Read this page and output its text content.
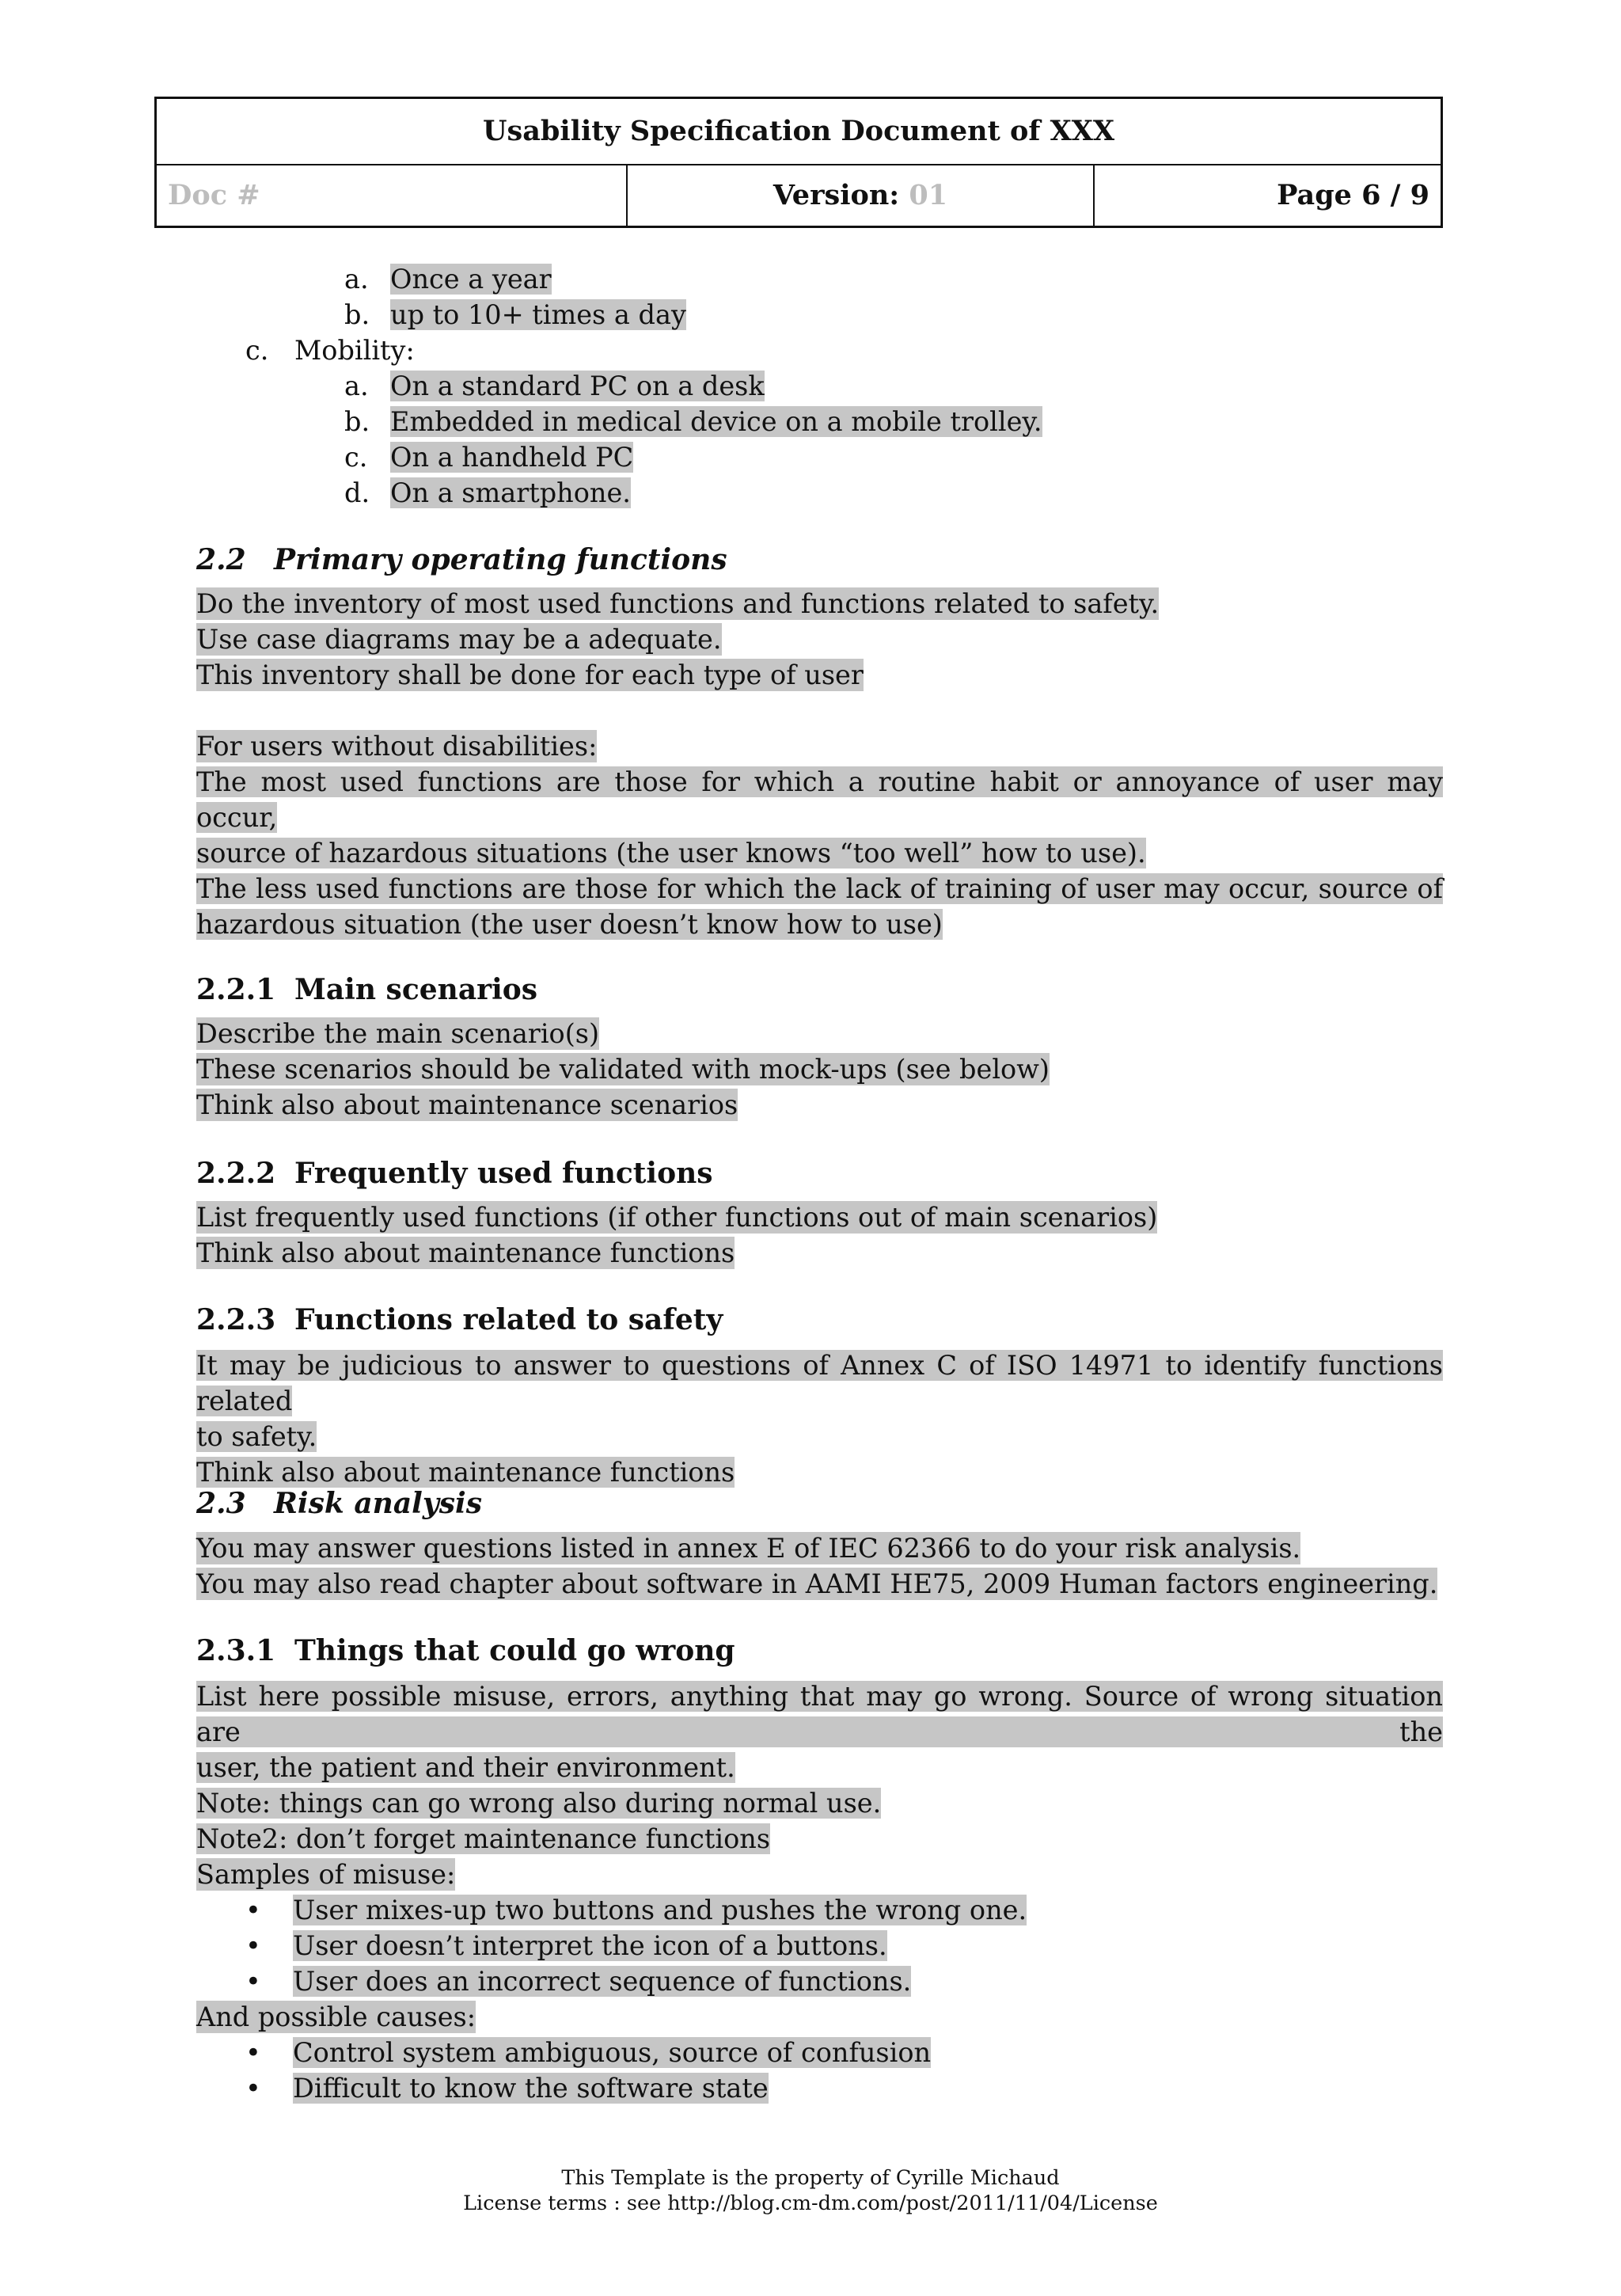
Usability Specification Document of XXX
Doc #	Version: 01	Page 6 / 9
a. Once a year
b. up to 10+ times a day
c. Mobility:
a. On a standard PC on a desk
b. Embedded in medical device on a mobile trolley.
c. On a handheld PC
d. On a smartphone.
2.2 Primary operating functions
Do the inventory of most used functions and functions related to safety.
Use case diagrams may be a adequate.
This inventory shall be done for each type of user
For users without disabilities:

The most used functions are those for which a routine habit or annoyance of user may occur,

source of hazardous situations (the user knows “too well” how to use).

The less used functions are those for which the lack of training of user may occur, source of

hazardous situation (the user doesn’t know how to use)

2.2.1 Main scenarios
Describe the main scenario(s)
These scenarios should be validated with mock-ups (see below)
Think also about maintenance scenarios
2.2.2 Frequently used functions
List frequently used functions (if other functions out of main scenarios)
Think also about maintenance functions
2.2.3 Functions related to safety

It may be judicious to answer to questions of Annex C of ISO 14971 to identify functions related

to safety.

Think also about maintenance functions

2.3 Risk analysis
You may answer questions listed in annex E of IEC 62366 to do your risk analysis.
You may also read chapter about software in AAMI HE75, 2009 Human factors engineering.
2.3.1 Things that could go wrong

List here possible misuse, errors, anything that may go wrong. Source of wrong situation are the

user, the patient and their environment.

Note: things can go wrong also during normal use.

Note2: don’t forget maintenance functions

Samples of misuse:
• User mixes-up two buttons and pushes the wrong one.
• User doesn’t interpret the icon of a buttons.
• User does an incorrect sequence of functions.
And possible causes:
• Control system ambiguous, source of confusion
• Difficult to know the software state
This Template is the property of Cyrille Michaud
License terms : see http://blog.cm-dm.com/post/2011/11/04/License
